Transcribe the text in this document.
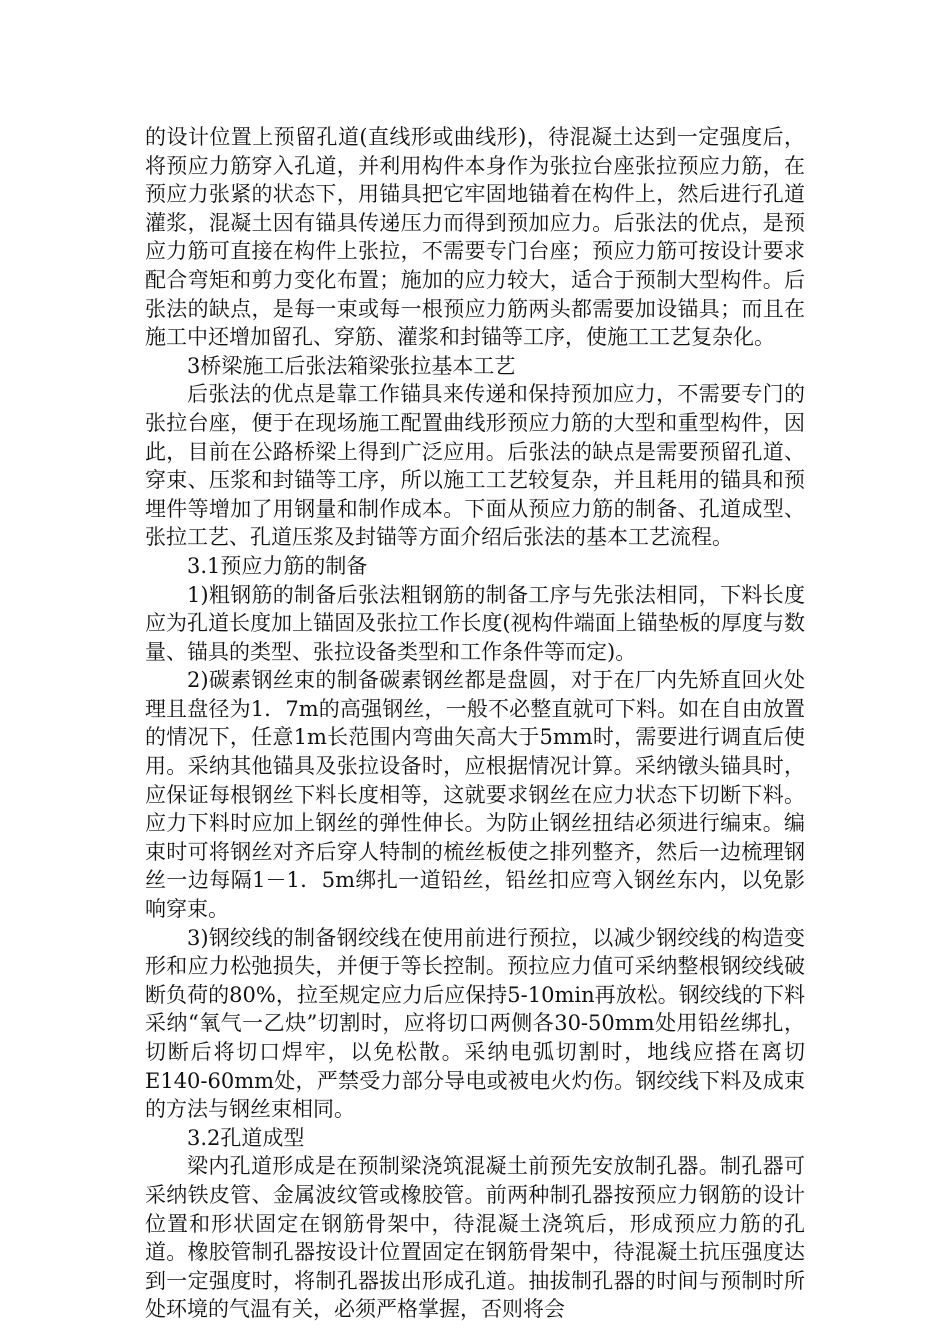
的设计位置上预留孔道(直线形或曲线形)，待混凝土达到一定强度后，将预应力筋穿入孔道，并利用构件本身作为张拉台座张拉预应力筋，在预应力张紧的状态下，用锚具把它牢固地锚着在构件上，然后进行孔道灌浆，混凝土因有锚具传递压力而得到预加应力。后张法的优点，是预应力筋可直接在构件上张拉，不需要专门台座；预应力筋可按设计要求配合弯矩和剪力变化布置；施加的应力较大，适合于预制大型构件。后张法的缺点，是每一束或每一根预应力筋两头都需要加设锚具；而且在施工中还增加留孔、穿筋、灌浆和封锚等工序，使施工工艺复杂化。

3桥梁施工后张法箱梁张拉基本工艺

后张法的优点是靠工作锚具来传递和保持预加应力，不需要专门的张拉台座，便于在现场施工配置曲线形预应力筋的大型和重型构件，因此，目前在公路桥梁上得到广泛应用。后张法的缺点是需要预留孔道、穿束、压浆和封锚等工序，所以施工工艺较复杂，并且耗用的锚具和预埋件等增加了用钢量和制作成本。下面从预应力筋的制备、孔道成型、张拉工艺、孔道压浆及封锚等方面介绍后张法的基本工艺流程。

3.1预应力筋的制备

1)粗钢筋的制备后张法粗钢筋的制备工序与先张法相同，下料长度应为孔道长度加上锚固及张拉工作长度(视构件端面上锚垫板的厚度与数量、锚具的类型、张拉设备类型和工作条件等而定)。

2)碳素钢丝束的制备碳素钢丝都是盘圆，对于在厂内先矫直回火处理且盘径为1．7m的高强钢丝，一般不必整直就可下料。如在自由放置的情况下，任意1m长范围内弯曲矢高大于5mm时，需要进行调直后使用。采纳其他锚具及张拉设备时，应根据情况计算。采纳镦头锚具时，应保证每根钢丝下料长度相等，这就要求钢丝在应力状态下切断下料。应力下料时应加上钢丝的弹性伸长。为防止钢丝扭结必须进行编束。编束时可将钢丝对齐后穿人特制的梳丝板使之排列整齐，然后一边梳理钢丝一边每隔1－1．5m绑扎一道铅丝，铅丝扣应弯入钢丝东内，以免影响穿束。

3)钢绞线的制备钢绞线在使用前进行预拉，以减少钢绞线的构造变形和应力松弛损失，并便于等长控制。预拉应力值可采纳整根钢绞线破断负荷的80%，拉至规定应力后应保持5-10min再放松。钢绞线的下料采纳“氧气一乙炔”切割时，应将切口两侧各30-50mm处用铅丝绑扎，切断后将切口焊牢，以免松散。采纳电弧切割时，地线应搭在离切E140-60mm处，严禁受力部分导电或被电火灼伤。钢绞线下料及成束的方法与钢丝束相同。

3.2孔道成型

梁内孔道形成是在预制梁浇筑混凝土前预先安放制孔器。制孔器可采纳铁皮管、金属波纹管或橡胶管。前两种制孔器按预应力钢筋的设计位置和形状固定在钢筋骨架中，待混凝土浇筑后，形成预应力筋的孔道。橡胶管制孔器按设计位置固定在钢筋骨架中，待混凝土抗压强度达到一定强度时，将制孔器拔出形成孔道。抽拔制孔器的时间与预制时所处环境的气温有关，必须严格掌握，否则将会
